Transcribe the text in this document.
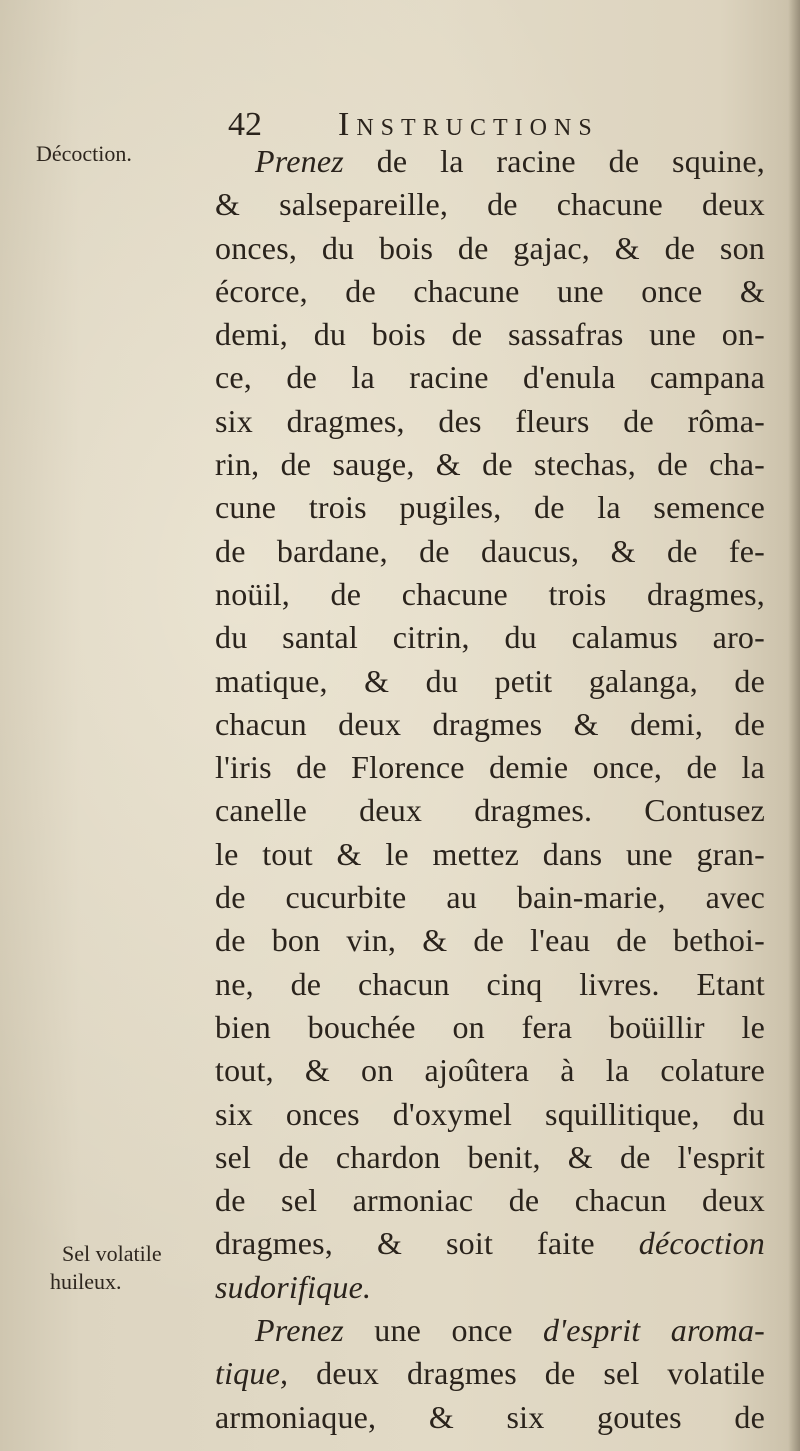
42 Instructions
Décoction.
Sel volatile
huileux.
Prenez de la racine de squine,
& salsepareille, de chacune deux
onces, du bois de gajac, & de son
écorce, de chacune une once &
demi, du bois de sassafras une on-
ce, de la racine d'enula campana
six dragmes, des fleurs de rôma-
rin, de sauge, & de stechas, de cha-
cune trois pugiles, de la semence
de bardane, de daucus, & de fe-
noüil, de chacune trois dragmes,
du santal citrin, du calamus aro-
matique, & du petit galanga, de
chacun deux dragmes & demi, de
l'iris de Florence demie once, de la
canelle deux dragmes. Contusez
le tout & le mettez dans une gran-
de cucurbite au bain-marie, avec
de bon vin, & de l'eau de bethoi-
ne, de chacun cinq livres. Etant
bien bouchée on fera boüillir le
tout, & on ajoûtera à la colature
six onces d'oxymel squillitique, du
sel de chardon benit, & de l'esprit
de sel armoniac de chacun deux
dragmes, & soit faite décoction
sudorifique.
Prenez une once d'esprit aroma-
tique, deux dragmes de sel volatile
armoniaque, & six goutes de
